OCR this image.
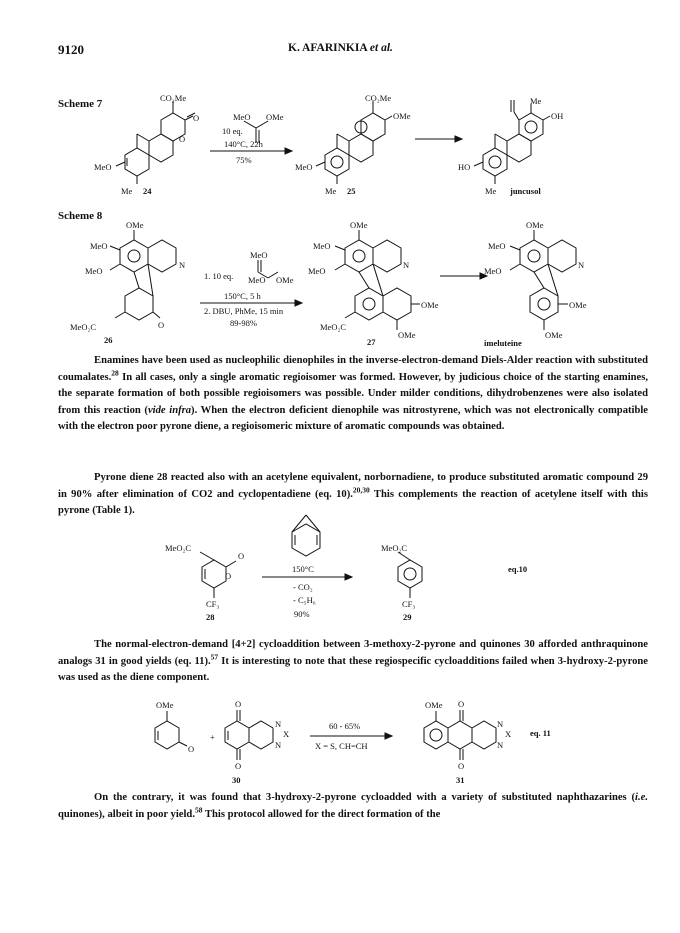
9120	K. AFARINKIA et al.
Scheme 7	CO₂Me
O
O
MeO
Me 24
MeO OMe
10 eq.
140°C, 22h
75%
CO₂Me
OMe
MeO
Me 25
Me
OH
HO
Me juncusol
Scheme 8
OMe
MeO
MeO
N
MeO₂C	O
26
MeO
1. 10 eq. MeO OMe
150°C, 5 h
2. DBU, PhMe, 15 min
89-98%
OMe
MeO
MeO
N
OMe
MeO₂C
OMe
27
OMe
MeO
MeO
N
OMe
OMe
imeluteine

Enamines have been used as nucleophilic dienophiles in the inverse-electron-demand Diels-Alder reaction with substituted coumalates.$^{28}$ In all cases, only a single aromatic regioisomer was formed. However, by judicious choice of the starting enamines, the separate formation of both possible regioisomers was possible. Under milder conditions, dihydrobenzenes were also isolated from this reaction (vide infra). When the electron deficient dienophile was nitrostyrene, which was not electronically compatible with the electron poor pyrone diene, a regioisomeric mixture of aromatic compounds was obtained.

Pyrone diene 28 reacted also with an acetylene equivalent, norbornadiene, to produce substituted aromatic compound 29 in 90% after elimination of CO2 and cyclopentadiene (eq. 10).$^{20,30}$ This complements the reaction of acetylene itself with this pyrone (Table 1).

MeO₂C
O
O
CF₃
28
150°C
- CO₂
- C₅H₆
90%
MeO₂C
CF₃
29
eq.10

The normal-electron-demand [4+2] cycloaddition between 3-methoxy-2-pyrone and quinones 30 afforded anthraquinone analogs 31 in good yields (eq. 11).$^{57}$ It is interesting to note that these regiospecific cycloadditions failed when 3-hydroxy-2-pyrone was used as the diene component.

OMe
O
+
O
N
X
N
O
30
60 - 65%
X = S, CH=CH
OMe O
N
X
N
O
31
eq. 11

On the contrary, it was found that 3-hydroxy-2-pyrone cycloadded with a variety of substituted naphthazarines (i.e. quinones), albeit in poor yield.$^{58}$ This protocol allowed for the direct formation of the
